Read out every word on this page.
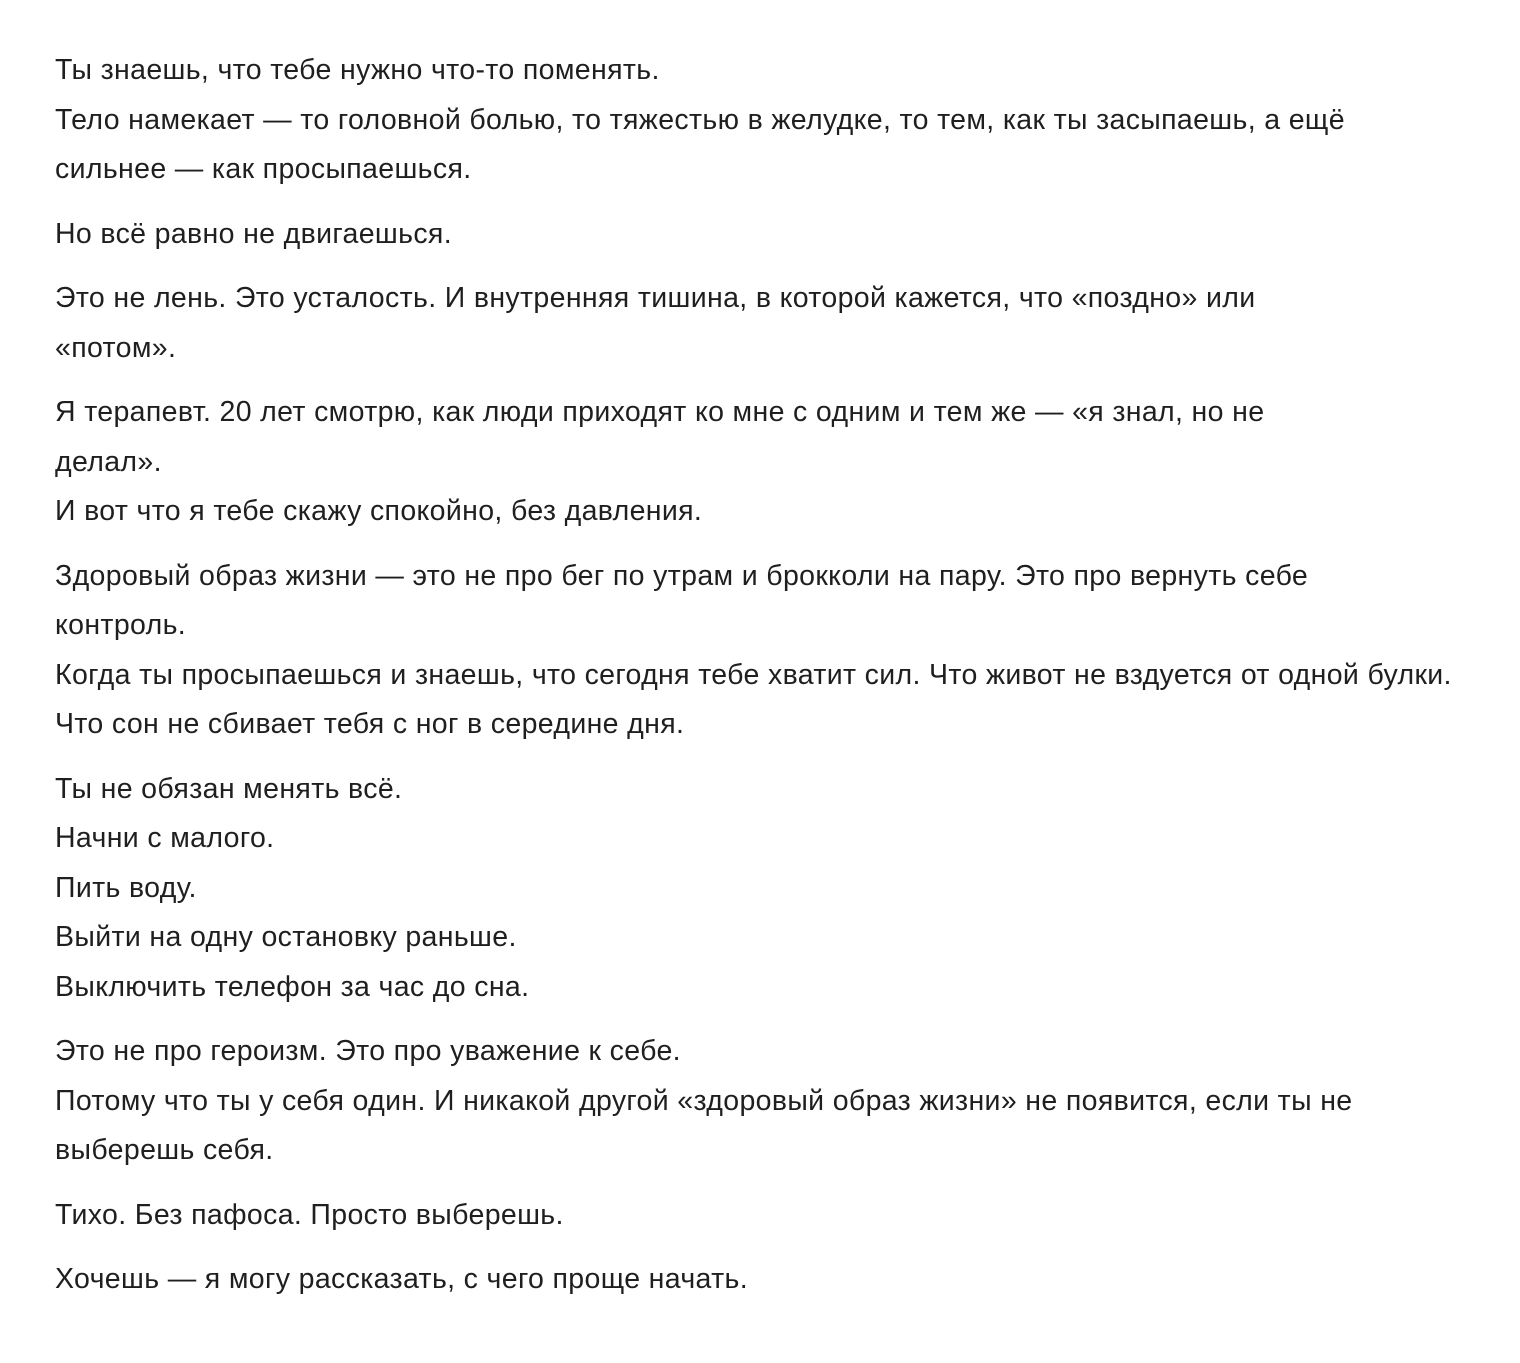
Ты знаешь, что тебе нужно что-то поменять.
Тело намекает — то головной болью, то тяжестью в желудке, то тем, как ты засыпаешь, а ещё сильнее — как просыпаешься.
Но всё равно не двигаешься.
Это не лень. Это усталость. И внутренняя тишина, в которой кажется, что «поздно» или «потом».
Я терапевт. 20 лет смотрю, как люди приходят ко мне с одним и тем же — «я знал, но не делал».
И вот что я тебе скажу спокойно, без давления.
Здоровый образ жизни — это не про бег по утрам и брокколи на пару. Это про вернуть себе контроль.
Когда ты просыпаешься и знаешь, что сегодня тебе хватит сил. Что живот не вздуется от одной булки. Что сон не сбивает тебя с ног в середине дня.
Ты не обязан менять всё.
Начни с малого.
Пить воду.
Выйти на одну остановку раньше.
Выключить телефон за час до сна.
Это не про героизм. Это про уважение к себе.
Потому что ты у себя один. И никакой другой «здоровый образ жизни» не появится, если ты не выберешь себя.
Тихо. Без пафоса. Просто выберешь.
Хочешь — я могу рассказать, с чего проще начать.
